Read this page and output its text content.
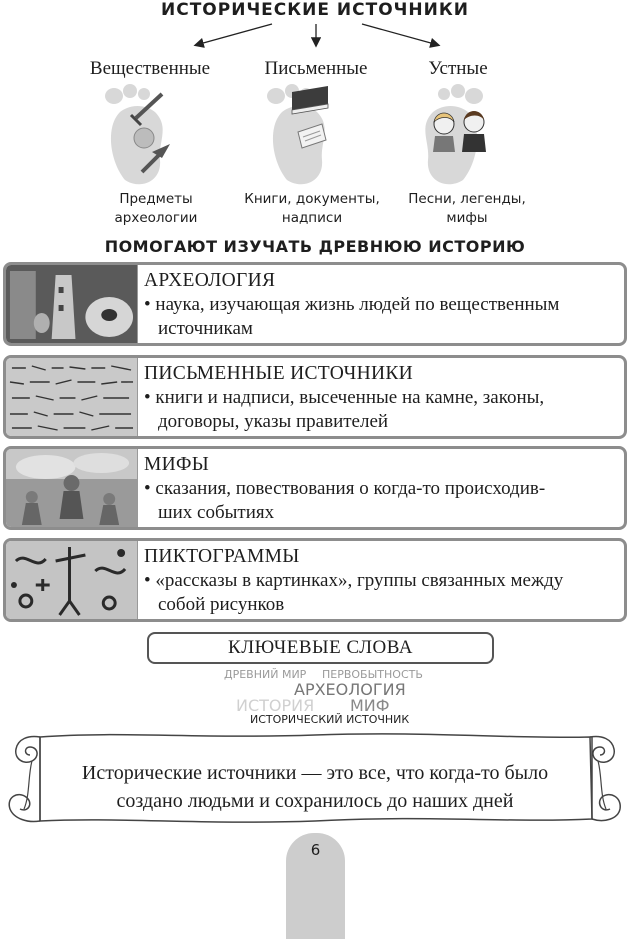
ИСТОРИЧЕСКИЕ ИСТОЧНИКИ
Вещественные	Письменные	Устные
Предметы
археологии
Книги, документы,
надписи
Песни, легенды,
мифы
ПОМОГАЮТ ИЗУЧАТЬ ДРЕВНЮЮ ИСТОРИЮ
АРХЕОЛОГИЯ
• наука, изучающая жизнь людей по вещественным
источникам
ПИСЬМЕННЫЕ ИСТОЧНИКИ
• книги и надписи, высеченные на камне, законы,
договоры, указы правителей
МИФЫ
• сказания, повествования о когда-то происходив-
ших событиях
ПИКТОГРАММЫ
• «рассказы в картинках», группы связанных между
собой рисунков
КЛЮЧЕВЫЕ СЛОВА
ДРЕВНИЙ МИР ПЕРВОБЫТНОСТЬ
АРХЕОЛОГИЯ
ИСТОРИЯ МИФ
ИСТОРИЧЕСКИЙ ИСТОЧНИК
Исторические источники — это все, что когда-то было
создано людьми и сохранилось до наших дней
6
